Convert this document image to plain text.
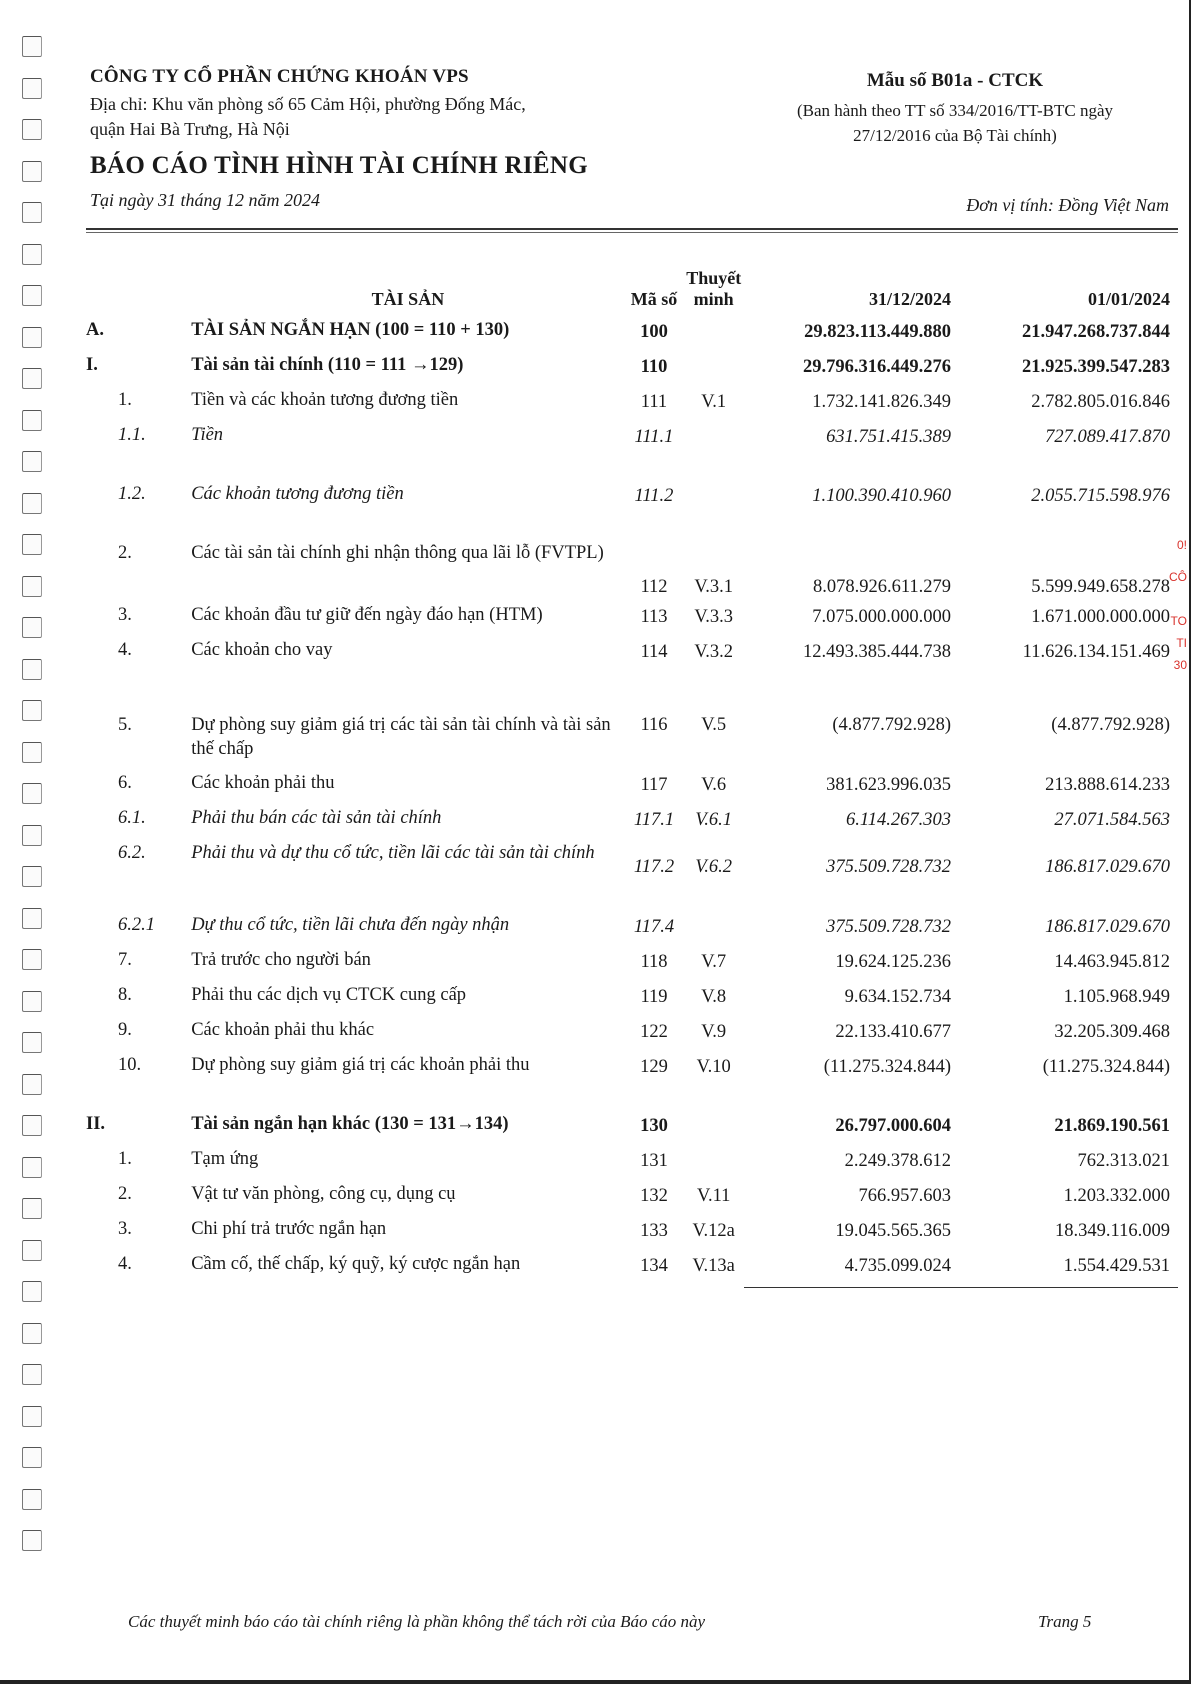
CÔNG TY CỔ PHẦN CHỨNG KHOÁN VPS

Địa chỉ: Khu văn phòng số 65 Cảm Hội, phường Đống Mác,
quận Hai Bà Trưng, Hà Nội

BÁO CÁO TÌNH HÌNH TÀI CHÍNH RIÊNG

Tại ngày 31 tháng 12 năm 2024

Mẫu số B01a - CTCK

(Ban hành theo TT số 334/2016/TT-BTC ngày
27/12/2016 của Bộ Tài chính)

Đơn vị tính: Đồng Việt Nam
	TÀI SẢN	Mã số	Thuyết minh	31/12/2024	01/01/2024
A.	TÀI SẢN NGẮN HẠN (100 = 110 + 130)	100		29.823.113.449.880	21.947.268.737.844
I.	Tài sản tài chính (110 = 111 →129)	110		29.796.316.449.276	21.925.399.547.283
1.	Tiền và các khoản tương đương tiền	111	V.1	1.732.141.826.349	2.782.805.016.846
1.1.	Tiền	111.1		631.751.415.389	727.089.417.870

1.2.	Các khoản tương đương tiền	111.2		1.100.390.410.960	2.055.715.598.976

2.	Các tài sản tài chính ghi nhận thông qua lãi lỗ (FVTPL)	112	V.3.1	8.078.926.611.279	5.599.949.658.278
3.	Các khoản đầu tư giữ đến ngày đáo hạn (HTM)	113	V.3.3	7.075.000.000.000	1.671.000.000.000
4.	Các khoản cho vay	114	V.3.2	12.493.385.444.738	11.626.134.151.469

5.	Dự phòng suy giảm giá trị các tài sản tài chính và tài sản thế chấp	116	V.5	(4.877.792.928)	(4.877.792.928)
6.	Các khoản phải thu	117	V.6	381.623.996.035	213.888.614.233
6.1.	Phải thu bán các tài sản tài chính	117.1	V.6.1	6.114.267.303	27.071.584.563
6.2.	Phải thu và dự thu cổ tức, tiền lãi các tài sản tài chính	117.2	V.6.2	375.509.728.732	186.817.029.670
6.2.1	Dự thu cổ tức, tiền lãi chưa đến ngày nhận	117.4		375.509.728.732	186.817.029.670
7.	Trả trước cho người bán	118	V.7	19.624.125.236	14.463.945.812
8.	Phải thu các dịch vụ CTCK cung cấp	119	V.8	9.634.152.734	1.105.968.949
9.	Các khoản phải thu khác	122	V.9	22.133.410.677	32.205.309.468
10.	Dự phòng suy giảm giá trị các khoản phải thu	129	V.10	(11.275.324.844)	(11.275.324.844)

II.	Tài sản ngắn hạn khác (130 = 131→134)	130		26.797.000.604	21.869.190.561
1.	Tạm ứng	131		2.249.378.612	762.313.021
2.	Vật tư văn phòng, công cụ, dụng cụ	132	V.11	766.957.603	1.203.332.000
3.	Chi phí trả trước ngắn hạn	133	V.12a	19.045.565.365	18.349.116.009
4.	Cầm cố, thế chấp, ký quỹ, ký cược ngắn hạn	134	V.13a	4.735.099.024	1.554.429.531
0!
CÔ
TO
TI
30
Các thuyết minh báo cáo tài chính riêng là phần không thể tách rời của Báo cáo này	Trang 5
